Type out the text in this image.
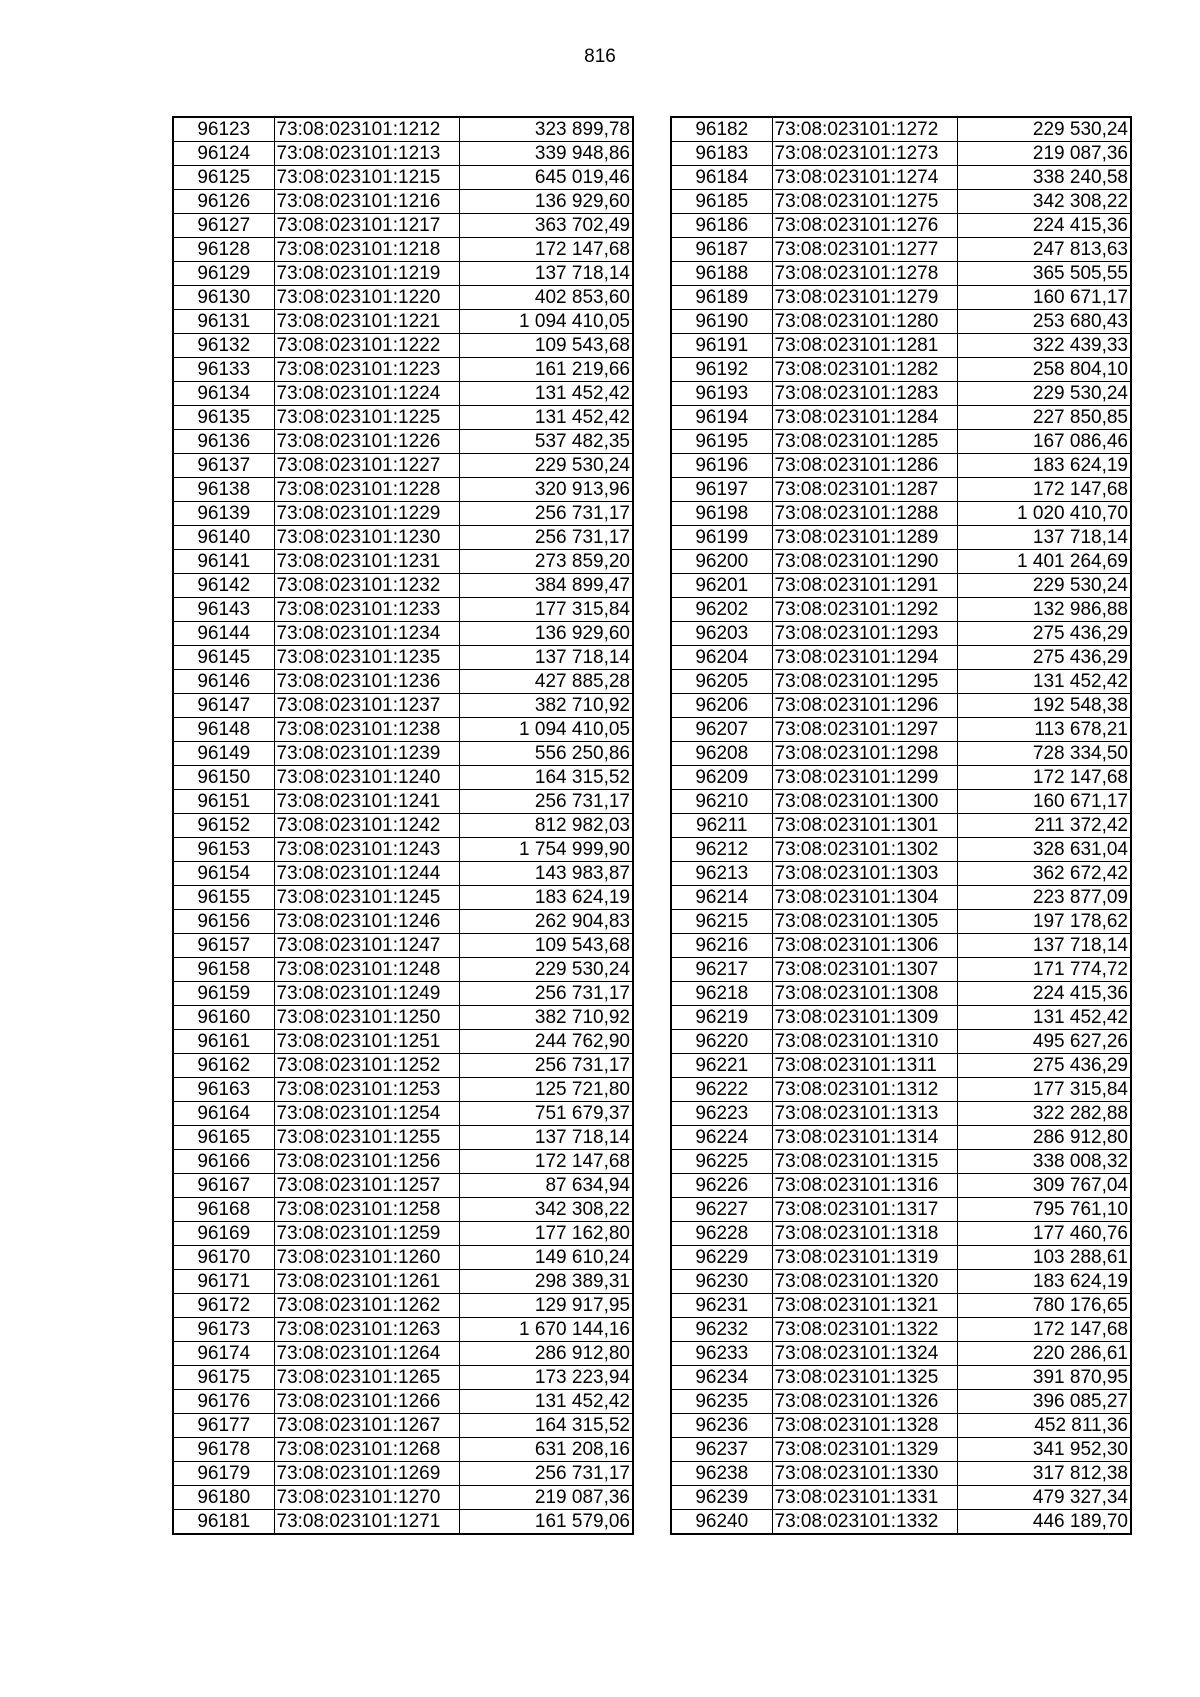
816
96123	73:08:023101:1212	323 899,78
96124	73:08:023101:1213	339 948,86
96125	73:08:023101:1215	645 019,46
96126	73:08:023101:1216	136 929,60
96127	73:08:023101:1217	363 702,49
96128	73:08:023101:1218	172 147,68
96129	73:08:023101:1219	137 718,14
96130	73:08:023101:1220	402 853,60
96131	73:08:023101:1221	1 094 410,05
96132	73:08:023101:1222	109 543,68
96133	73:08:023101:1223	161 219,66
96134	73:08:023101:1224	131 452,42
96135	73:08:023101:1225	131 452,42
96136	73:08:023101:1226	537 482,35
96137	73:08:023101:1227	229 530,24
96138	73:08:023101:1228	320 913,96
96139	73:08:023101:1229	256 731,17
96140	73:08:023101:1230	256 731,17
96141	73:08:023101:1231	273 859,20
96142	73:08:023101:1232	384 899,47
96143	73:08:023101:1233	177 315,84
96144	73:08:023101:1234	136 929,60
96145	73:08:023101:1235	137 718,14
96146	73:08:023101:1236	427 885,28
96147	73:08:023101:1237	382 710,92
96148	73:08:023101:1238	1 094 410,05
96149	73:08:023101:1239	556 250,86
96150	73:08:023101:1240	164 315,52
96151	73:08:023101:1241	256 731,17
96152	73:08:023101:1242	812 982,03
96153	73:08:023101:1243	1 754 999,90
96154	73:08:023101:1244	143 983,87
96155	73:08:023101:1245	183 624,19
96156	73:08:023101:1246	262 904,83
96157	73:08:023101:1247	109 543,68
96158	73:08:023101:1248	229 530,24
96159	73:08:023101:1249	256 731,17
96160	73:08:023101:1250	382 710,92
96161	73:08:023101:1251	244 762,90
96162	73:08:023101:1252	256 731,17
96163	73:08:023101:1253	125 721,80
96164	73:08:023101:1254	751 679,37
96165	73:08:023101:1255	137 718,14
96166	73:08:023101:1256	172 147,68
96167	73:08:023101:1257	87 634,94
96168	73:08:023101:1258	342 308,22
96169	73:08:023101:1259	177 162,80
96170	73:08:023101:1260	149 610,24
96171	73:08:023101:1261	298 389,31
96172	73:08:023101:1262	129 917,95
96173	73:08:023101:1263	1 670 144,16
96174	73:08:023101:1264	286 912,80
96175	73:08:023101:1265	173 223,94
96176	73:08:023101:1266	131 452,42
96177	73:08:023101:1267	164 315,52
96178	73:08:023101:1268	631 208,16
96179	73:08:023101:1269	256 731,17
96180	73:08:023101:1270	219 087,36
96181	73:08:023101:1271	161 579,06
96182	73:08:023101:1272	229 530,24
96183	73:08:023101:1273	219 087,36
96184	73:08:023101:1274	338 240,58
96185	73:08:023101:1275	342 308,22
96186	73:08:023101:1276	224 415,36
96187	73:08:023101:1277	247 813,63
96188	73:08:023101:1278	365 505,55
96189	73:08:023101:1279	160 671,17
96190	73:08:023101:1280	253 680,43
96191	73:08:023101:1281	322 439,33
96192	73:08:023101:1282	258 804,10
96193	73:08:023101:1283	229 530,24
96194	73:08:023101:1284	227 850,85
96195	73:08:023101:1285	167 086,46
96196	73:08:023101:1286	183 624,19
96197	73:08:023101:1287	172 147,68
96198	73:08:023101:1288	1 020 410,70
96199	73:08:023101:1289	137 718,14
96200	73:08:023101:1290	1 401 264,69
96201	73:08:023101:1291	229 530,24
96202	73:08:023101:1292	132 986,88
96203	73:08:023101:1293	275 436,29
96204	73:08:023101:1294	275 436,29
96205	73:08:023101:1295	131 452,42
96206	73:08:023101:1296	192 548,38
96207	73:08:023101:1297	113 678,21
96208	73:08:023101:1298	728 334,50
96209	73:08:023101:1299	172 147,68
96210	73:08:023101:1300	160 671,17
96211	73:08:023101:1301	211 372,42
96212	73:08:023101:1302	328 631,04
96213	73:08:023101:1303	362 672,42
96214	73:08:023101:1304	223 877,09
96215	73:08:023101:1305	197 178,62
96216	73:08:023101:1306	137 718,14
96217	73:08:023101:1307	171 774,72
96218	73:08:023101:1308	224 415,36
96219	73:08:023101:1309	131 452,42
96220	73:08:023101:1310	495 627,26
96221	73:08:023101:1311	275 436,29
96222	73:08:023101:1312	177 315,84
96223	73:08:023101:1313	322 282,88
96224	73:08:023101:1314	286 912,80
96225	73:08:023101:1315	338 008,32
96226	73:08:023101:1316	309 767,04
96227	73:08:023101:1317	795 761,10
96228	73:08:023101:1318	177 460,76
96229	73:08:023101:1319	103 288,61
96230	73:08:023101:1320	183 624,19
96231	73:08:023101:1321	780 176,65
96232	73:08:023101:1322	172 147,68
96233	73:08:023101:1324	220 286,61
96234	73:08:023101:1325	391 870,95
96235	73:08:023101:1326	396 085,27
96236	73:08:023101:1328	452 811,36
96237	73:08:023101:1329	341 952,30
96238	73:08:023101:1330	317 812,38
96239	73:08:023101:1331	479 327,34
96240	73:08:023101:1332	446 189,70
